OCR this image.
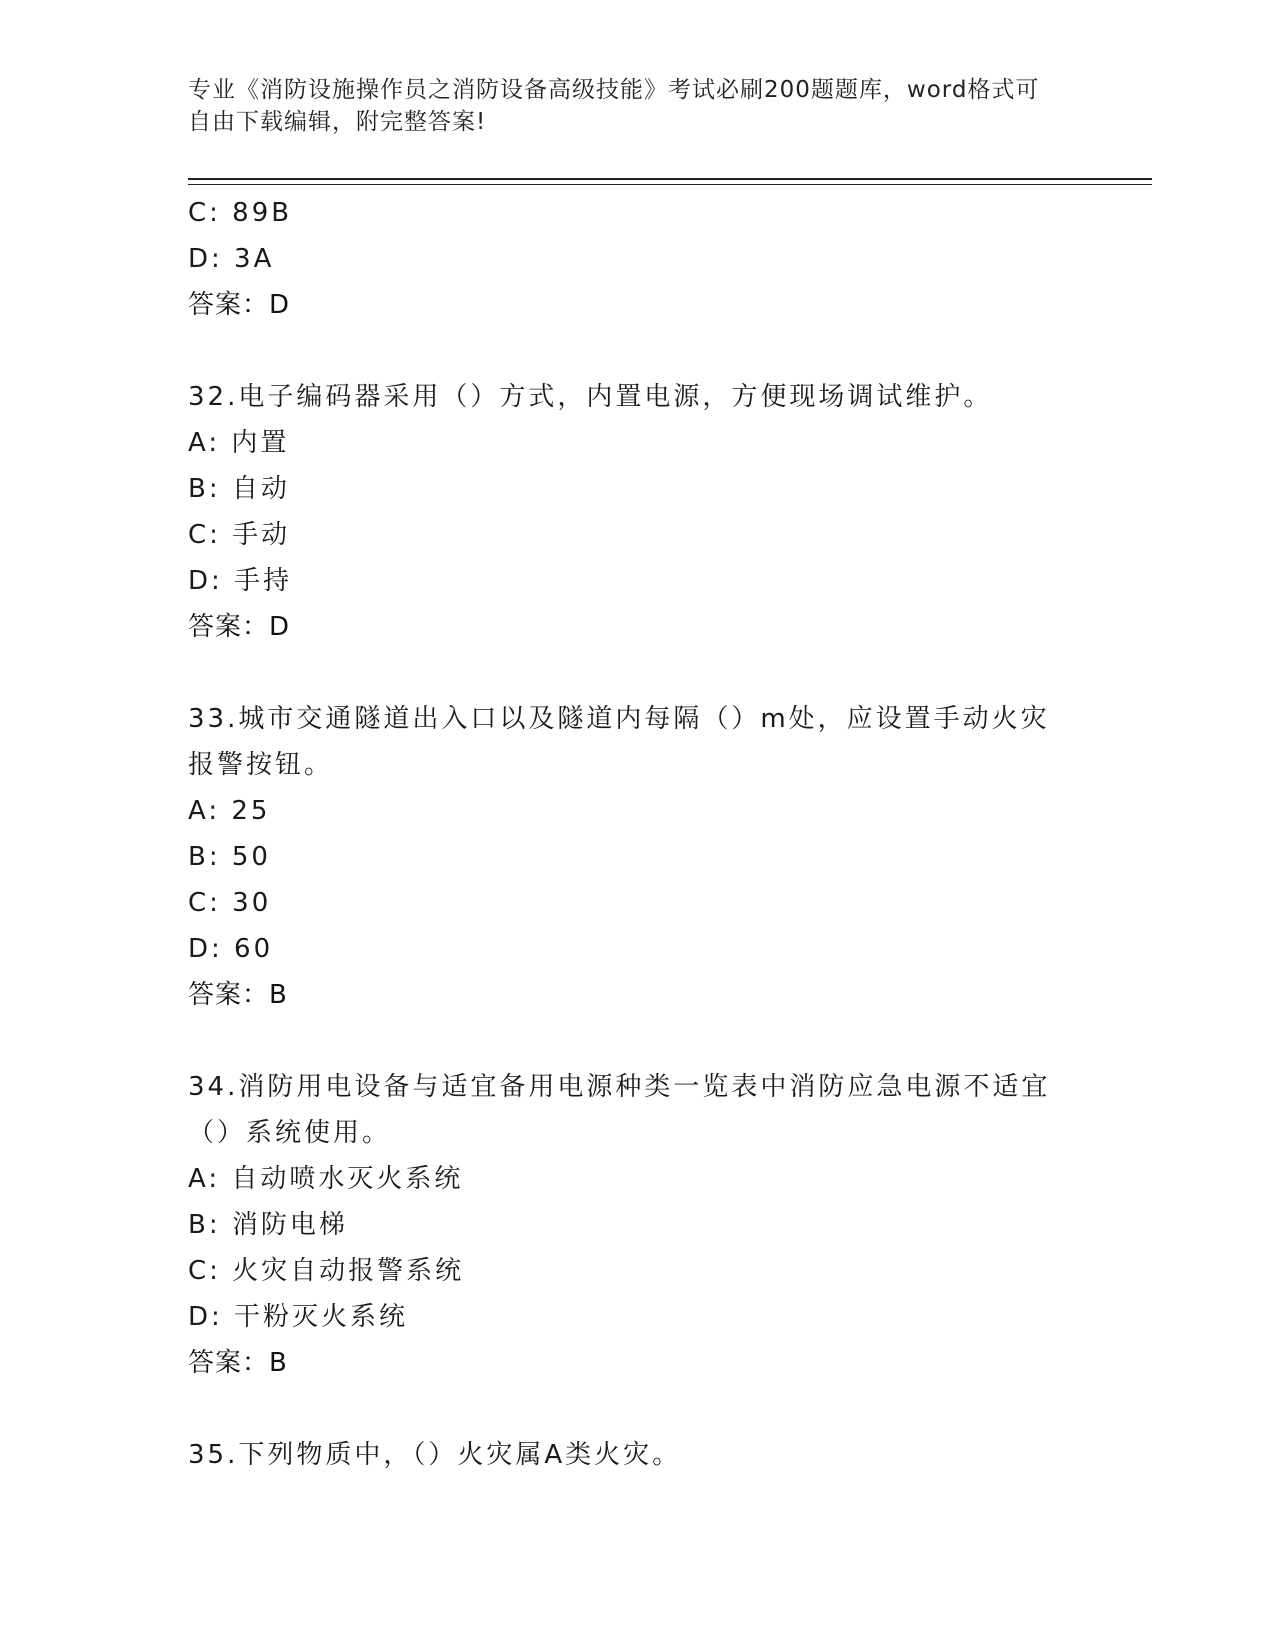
专业《消防设施操作员之消防设备高级技能》考试必刷200题题库，word格式可
自由下载编辑，附完整答案!
C: 89B
D: 3A
答案：D
32.电子编码器采用（）方式，内置电源，方便现场调试维护。
A: 内置
B: 自动
C: 手动
D: 手持
答案：D
33.城市交通隧道出入口以及隧道内每隔（）m处，应设置手动火灾报警按钮。
A: 25
B: 50
C: 30
D: 60
答案：B
34.消防用电设备与适宜备用电源种类一览表中消防应急电源不适宜（）系统使用。
A: 自动喷水灭火系统
B: 消防电梯
C: 火灾自动报警系统
D: 干粉灭火系统
答案：B
35.下列物质中，（）火灾属A类火灾。
